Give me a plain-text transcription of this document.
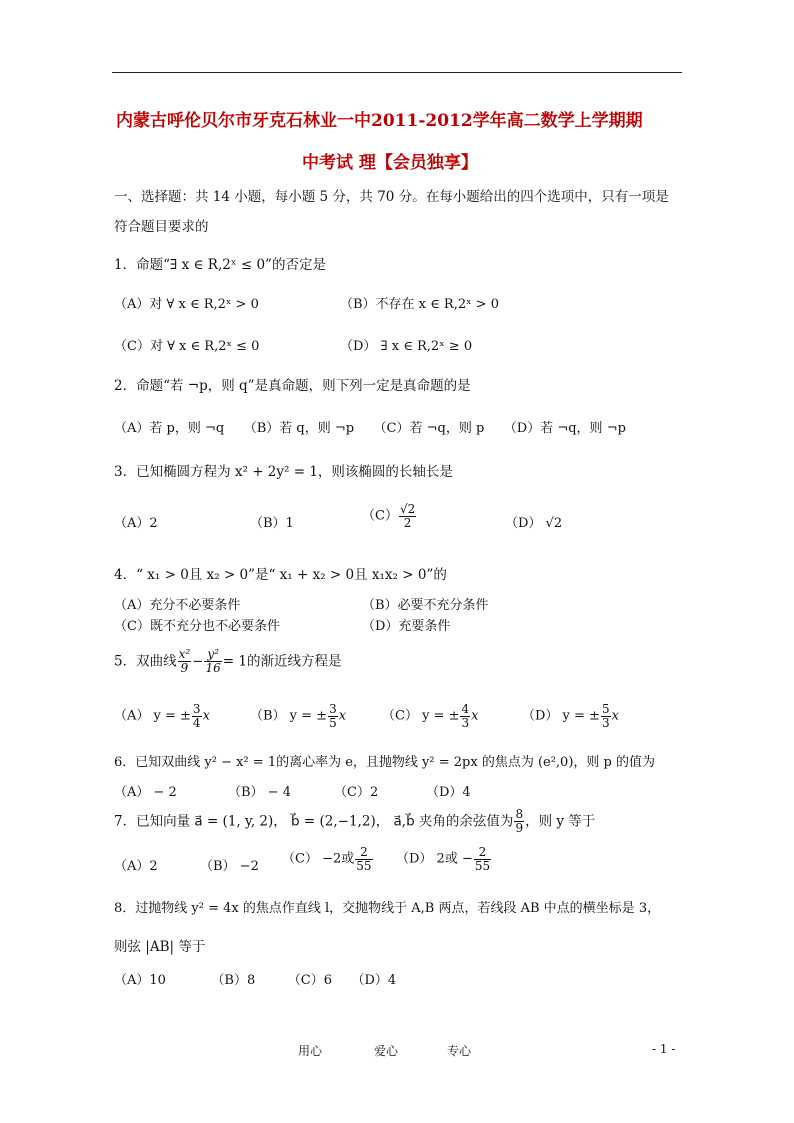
内蒙古呼伦贝尔市牙克石林业一中2011-2012学年高二数学上学期期
中考试 理【会员独享】
一、选择题：共 14 小题，每小题 5 分，共 70 分。在每小题给出的四个选项中，只有一项是
符合题目要求的
1．命题“∃ x ∈ R,2ˣ ≤ 0”的否定是
（A）对 ∀ x ∈ R,2ˣ > 0	（B）不存在 x ∈ R,2ˣ > 0
（C）对 ∀ x ∈ R,2ˣ ≤ 0	（D） ∃ x ∈ R,2ˣ ≥ 0
2．命题“若 ¬p，则 q”是真命题，则下列一定是真命题的是
（A）若 p，则 ¬q　　（B）若 q，则 ¬p　　（C）若 ¬q，则 p　　（D）若 ¬q，则 ¬p
3．已知椭圆方程为 x² + 2y² = 1，则该椭圆的长轴长是
（A）2	（B）1	$(C) \frac{√2}{2}$	（D） √2
4．“ x₁ > 0且 x₂ > 0”是“ x₁ + x₂ > 0且 x₁x₂ > 0”的
（A）充分不必要条件	（B）必要不充分条件
（C）既不充分也不必要条件	（D）充要条件
5．双曲线 $\frac{\text{x²}}{9} - \frac{\text{y²}}{16} = 1$的渐近线方程是
（A） y = ± $\frac{3}{4}$ x	（B） y = ± $\frac{3}{5}$ x	（C） y = ± $\frac{4}{3}$ x	（D） y = ± $\frac{5}{3}$ x
6．已知双曲线 y² − x² = 1的离心率为 e，且抛物线 y² = 2px 的焦点为 (e²,0)，则 p 的值为
（A） − 2	（B） − 4	（C）2	（D）4
7．已知向量 a⃗ = (1, y, 2)， b⃗ = (2,−1,2)， a⃗,b⃗ 夹角的余弦值为 $\frac{8}{9}$ ，则 y 等于
（A）2	（B） −2 （C） −2或 $\frac{2}{55} (D)$ 2或 − $\frac{2}{55}$
8．过抛物线 y² = 4x 的焦点作直线 l，交抛物线于 A,B 两点，若线段 AB 中点的横坐标是 3，
则弦 |AB| 等于
（A）10　　　　（B）8　　　（C）6　　（D）4
用心	爱心	专心	- 1 -
